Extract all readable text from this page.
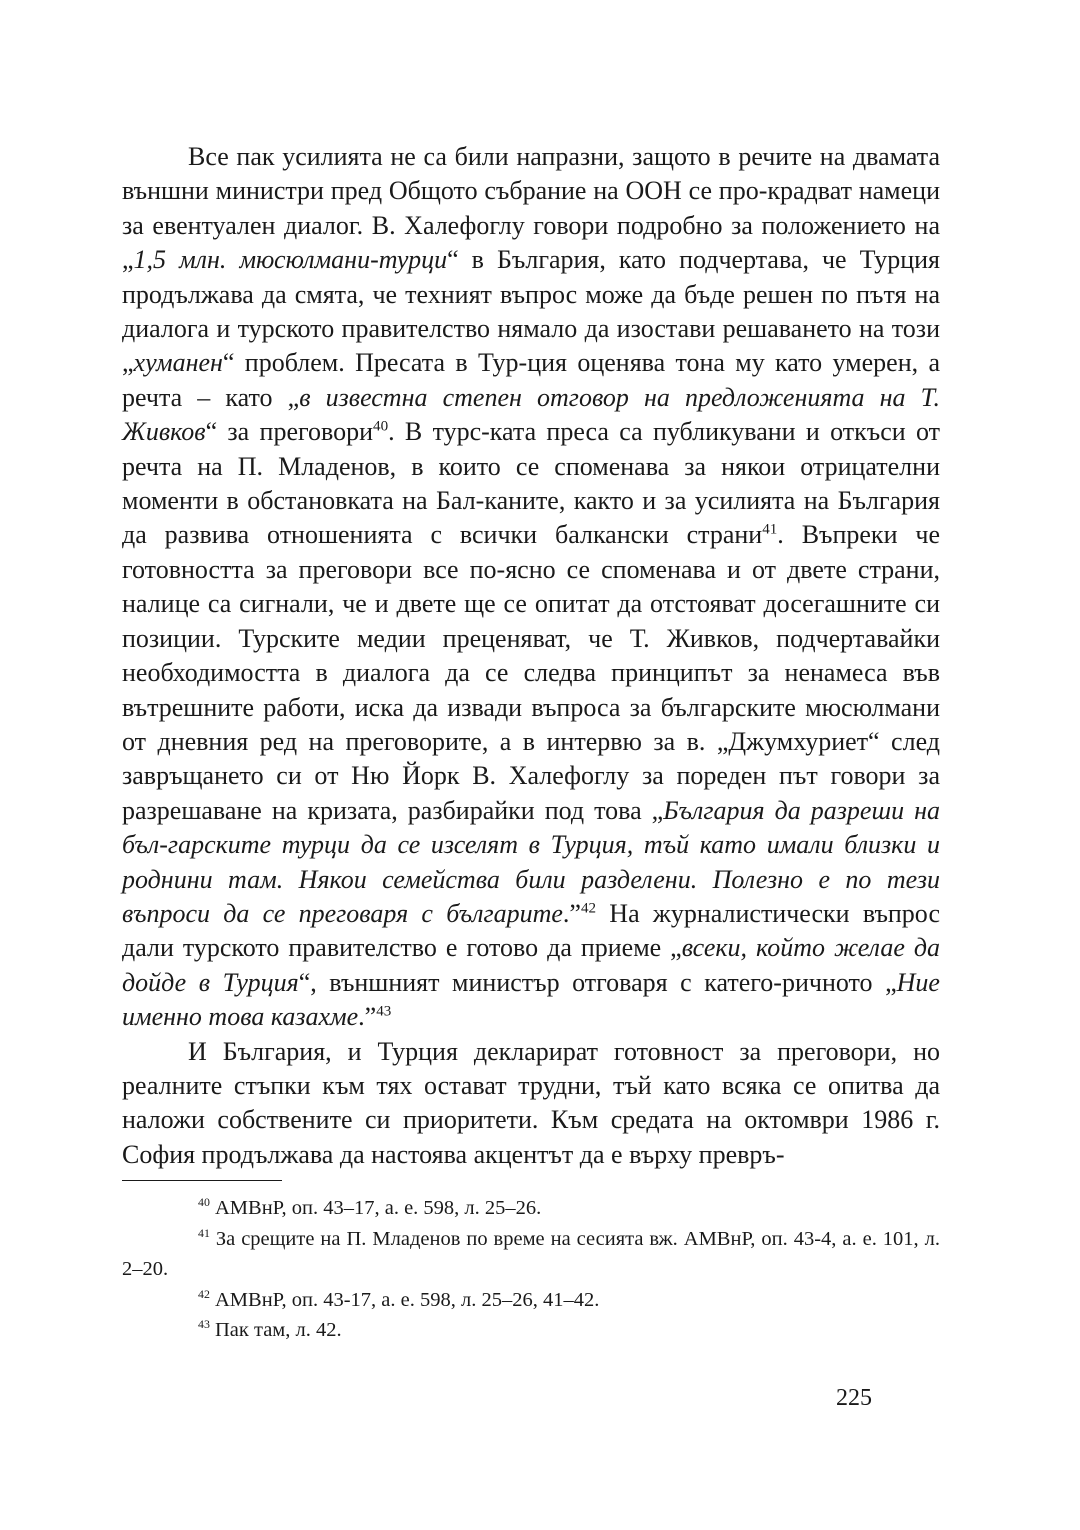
Все пак усилията не са били напразни, защото в речите на двамата външни министри пред Общото събрание на ООН се про-крадват намеци за евентуален диалог. В. Халефоглу говори подробно за положението на „1,5 млн. мюсюлмани-турци“ в България, като подчертава, че Турция продължава да смята, че техният въпрос може да бъде решен по пътя на диалога и турското правителство нямало да изостави решаването на този „хуманен“ проблем. Пресата в Тур-ция оценява тона му като умерен, а речта – като „в известна степен отговор на предложенията на Т. Живков“ за преговори$^{40}$. В турс-ката преса са публикувани и откъси от речта на П. Младенов, в които се споменава за някои отрицателни моменти в обстановката на Бал-каните, както и за усилията на България да развива отношенията с всички балкански страни$^{41}$. Въпреки че готовността за преговори все по-ясно се споменава и от двете страни, налице са сигнали, че и двете ще се опитат да отстояват досегашните си позиции. Турските медии преценяват, че Т. Живков, подчертавайки необходимостта в диалога да се следва принципът за ненамеса във вътрешните работи, иска да извади въпроса за българските мюсюлмани от дневния ред на преговорите, а в интервю за в. „Джумхуриет“ след завръщането си от Ню Йорк В. Халефоглу за пореден път говори за разрешаване на кризата, разбирайки под това „България да разреши на бъл-гарските турци да се изселят в Турция, тъй като имали близки и роднини там. Някои семейства били разделени. Полезно е по тези въпроси да се преговаря с българите.”$^{42}$ На журналистически въпрос дали турското правителство е готово да приеме „всеки, който желае да дойде в Турция“, външният министър отговаря с катего-ричното „Ние именно това казахме.”$^{43}$

И България, и Турция декларират готовност за преговори, но реалните стъпки към тях остават трудни, тъй като всяка се опитва да наложи собствените си приоритети. Към средата на октомври 1986 г. София продължава да настоява акцентът да е върху превръ-

$^{40}$ АМВнР, оп. 43–17, а. е. 598, л. 25–26.

$^{41}$ За срещите на П. Младенов по време на сесията вж. АМВнР, оп. 43-4, а. е. 101, л. 2–20.

$^{42}$ АМВнР, оп. 43-17, а. е. 598, л. 25–26, 41–42.

$^{43}$ Пак там, л. 42.

225
